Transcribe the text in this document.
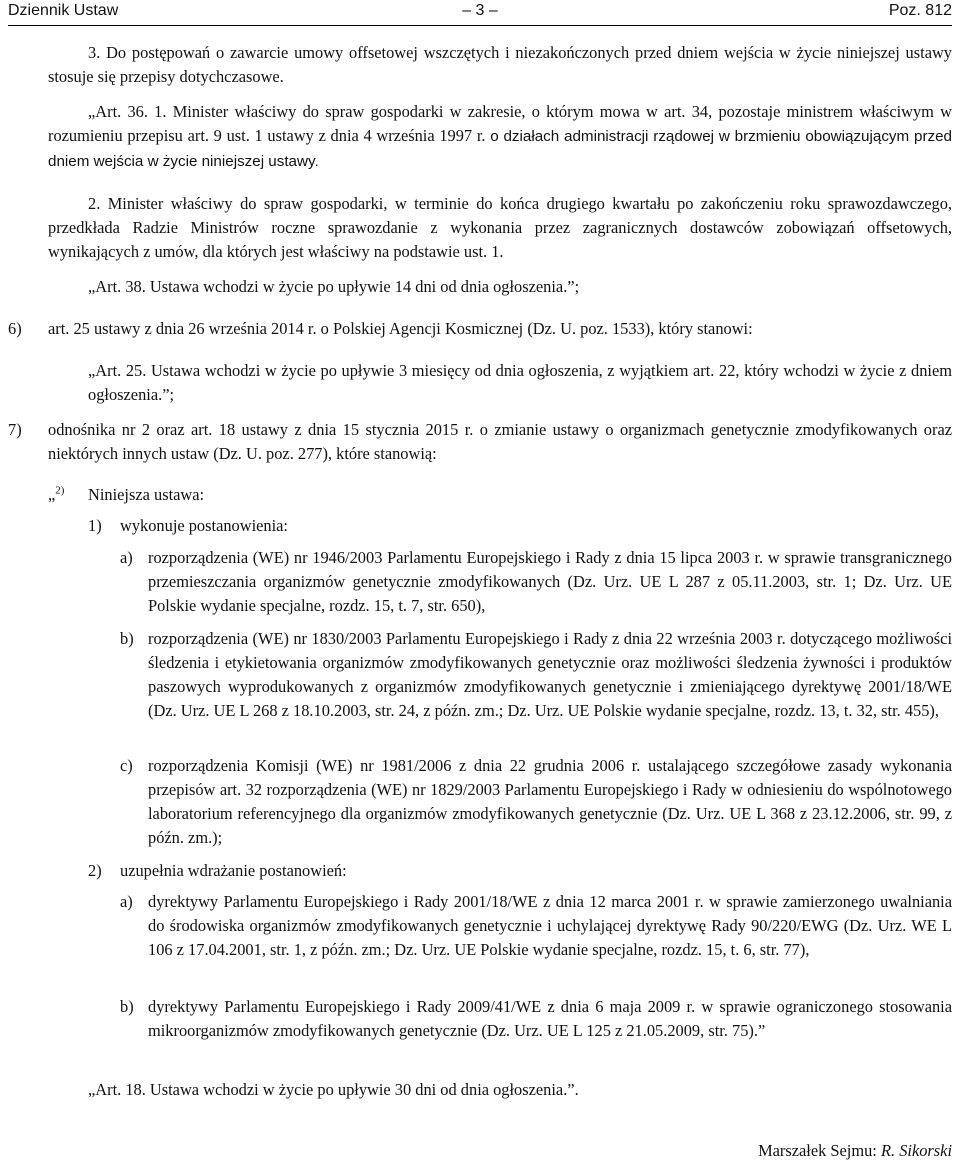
Dziennik Ustaw	– 3 –	Poz. 812

3. Do postępowań o zawarcie umowy offsetowej wszczętych i niezakończonych przed dniem wejścia w życie niniejszej ustawy stosuje się przepisy dotychczasowe.

„Art. 36. 1. Minister właściwy do spraw gospodarki w zakresie, o którym mowa w art. 34, pozostaje ministrem właściwym w rozumieniu przepisu art. 9 ust. 1 ustawy z dnia 4 września 1997 r. o działach administracji rządowej w brzmieniu obowiązującym przed dniem wejścia w życie niniejszej ustawy.

2. Minister właściwy do spraw gospodarki, w terminie do końca drugiego kwartału po zakończeniu roku sprawozdawczego, przedkłada Radzie Ministrów roczne sprawozdanie z wykonania przez zagranicznych dostawców zobowiązań offsetowych, wynikających z umów, dla których jest właściwy na podstawie ust. 1.

„Art. 38. Ustawa wchodzi w życie po upływie 14 dni od dnia ogłoszenia.”;

6) art. 25 ustawy z dnia 26 września 2014 r. o Polskiej Agencji Kosmicznej (Dz. U. poz. 1533), który stanowi:

„Art. 25. Ustawa wchodzi w życie po upływie 3 miesięcy od dnia ogłoszenia, z wyjątkiem art. 22, który wchodzi w życie z dniem ogłoszenia.”;

7) odnośnika nr 2 oraz art. 18 ustawy z dnia 15 stycznia 2015 r. o zmianie ustawy o organizmach genetycznie zmodyfikowanych oraz niektórych innych ustaw (Dz. U. poz. 277), które stanowią:

„$^{2)}$ Niniejsza ustawa:
1) wykonuje postanowienia:
a) rozporządzenia (WE) nr 1946/2003 Parlamentu Europejskiego i Rady z dnia 15 lipca 2003 r. w sprawie transgranicznego przemieszczania organizmów genetycznie zmodyfikowanych (Dz. Urz. UE L 287 z 05.11.2003, str. 1; Dz. Urz. UE Polskie wydanie specjalne, rozdz. 15, t. 7, str. 650),

b) rozporządzenia (WE) nr 1830/2003 Parlamentu Europejskiego i Rady z dnia 22 września 2003 r. dotyczącego możliwości śledzenia i etykietowania organizmów zmodyfikowanych genetycznie oraz możliwości śledzenia żywności i produktów paszowych wyprodukowanych z organizmów zmodyfikowanych genetycznie i zmieniającego dyrektywę 2001/18/WE (Dz. Urz. UE L 268 z 18.10.2003, str. 24, z późn. zm.; Dz. Urz. UE Polskie wydanie specjalne, rozdz. 13, t. 32, str. 455),

c) rozporządzenia Komisji (WE) nr 1981/2006 z dnia 22 grudnia 2006 r. ustalającego szczegółowe zasady wykonania przepisów art. 32 rozporządzenia (WE) nr 1829/2003 Parlamentu Europejskiego i Rady w odniesieniu do wspólnotowego laboratorium referencyjnego dla organizmów zmodyfikowanych genetycznie (Dz. Urz. UE L 368 z 23.12.2006, str. 99, z późn. zm.);

2) uzupełnia wdrażanie postanowień:
a) dyrektywy Parlamentu Europejskiego i Rady 2001/18/WE z dnia 12 marca 2001 r. w sprawie zamierzonego uwalniania do środowiska organizmów zmodyfikowanych genetycznie i uchylającej dyrektywę Rady 90/220/EWG (Dz. Urz. WE L 106 z 17.04.2001, str. 1, z późn. zm.; Dz. Urz. UE Polskie wydanie specjalne, rozdz. 15, t. 6, str. 77),

b) dyrektywy Parlamentu Europejskiego i Rady 2009/41/WE z dnia 6 maja 2009 r. w sprawie ograniczonego stosowania mikroorganizmów zmodyfikowanych genetycznie (Dz. Urz. UE L 125 z 21.05.2009, str. 75).”

„Art. 18. Ustawa wchodzi w życie po upływie 30 dni od dnia ogłoszenia.”.

Marszałek Sejmu: R. Sikorski
